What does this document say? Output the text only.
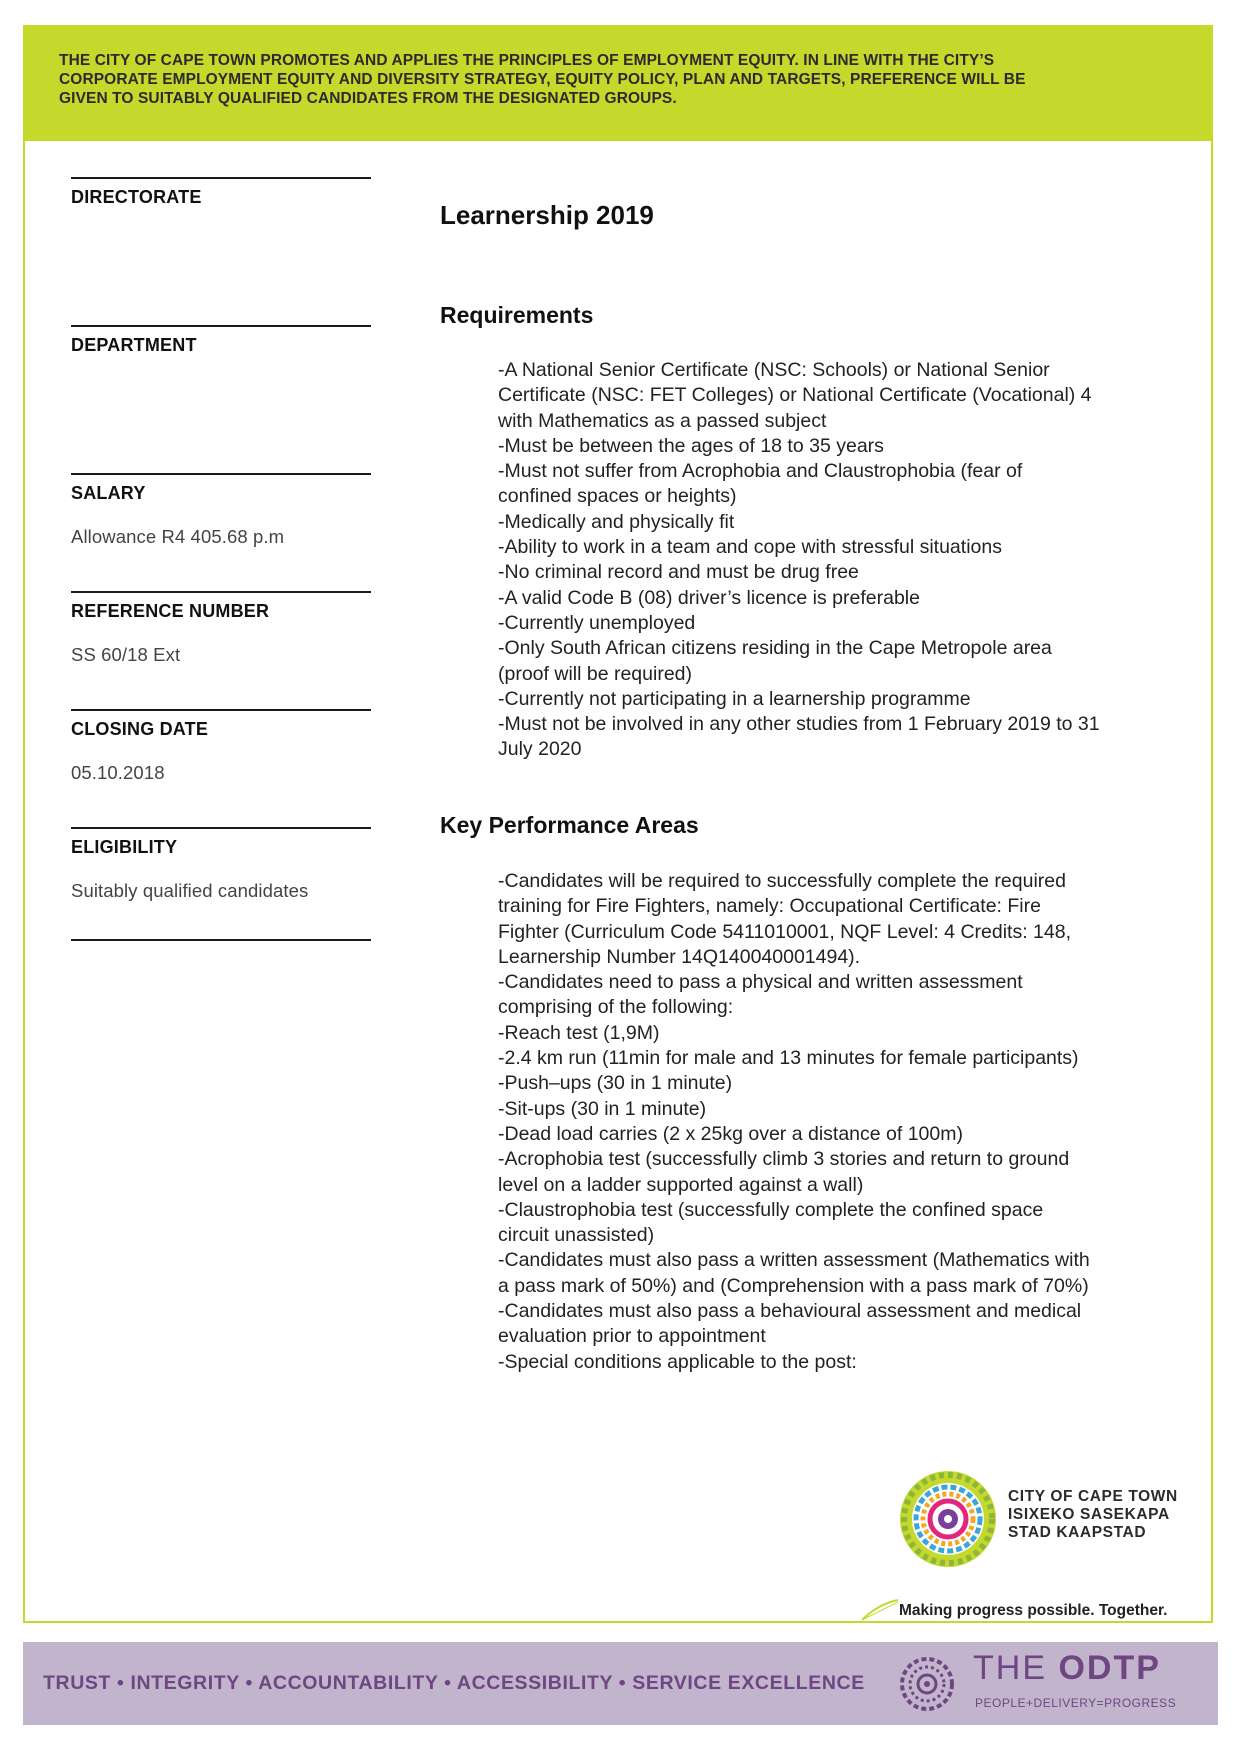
THE CITY OF CAPE TOWN PROMOTES AND APPLIES THE PRINCIPLES OF EMPLOYMENT EQUITY. IN LINE WITH THE CITY’S

CORPORATE EMPLOYMENT EQUITY AND DIVERSITY STRATEGY, EQUITY POLICY, PLAN AND TARGETS, PREFERENCE WILL BE

GIVEN TO SUITABLY QUALIFIED CANDIDATES FROM THE DESIGNATED GROUPS.

DIRECTORATE
DEPARTMENT
SALARY
Allowance R4 405.68 p.m
REFERENCE NUMBER
SS 60/18 Ext
CLOSING DATE
05.10.2018
ELIGIBILITY
Suitably qualified candidates
Learnership 2019
Requirements
-A National Senior Certificate (NSC: Schools) or National Senior
Certificate (NSC: FET Colleges) or National Certificate (Vocational) 4
with Mathematics as a passed subject
-Must be between the ages of 18 to 35 years
-Must not suffer from Acrophobia and Claustrophobia (fear of
confined spaces or heights)
-Medically and physically fit
-Ability to work in a team and cope with stressful situations
-No criminal record and must be drug free
-A valid Code B (08) driver’s licence is preferable
-Currently unemployed
-Only South African citizens residing in the Cape Metropole area
(proof will be required)
-Currently not participating in a learnership programme
-Must not be involved in any other studies from 1 February 2019 to 31
July 2020
Key Performance Areas
-Candidates will be required to successfully complete the required
training for Fire Fighters, namely: Occupational Certificate: Fire
Fighter (Curriculum Code 5411010001, NQF Level: 4 Credits: 148,
Learnership Number 14Q140040001494).
-Candidates need to pass a physical and written assessment
comprising of the following:
-Reach test (1,9M)
-2.4 km run (11min for male and 13 minutes for female participants)
-Push–ups (30 in 1 minute)
-Sit-ups (30 in 1 minute)
-Dead load carries (2 x 25kg over a distance of 100m)
-Acrophobia test (successfully climb 3 stories and return to ground
level on a ladder supported against a wall)
-Claustrophobia test (successfully complete the confined space
circuit unassisted)
-Candidates must also pass a written assessment (Mathematics with
a pass mark of 50%) and (Comprehension with a pass mark of 70%)
-Candidates must also pass a behavioural assessment and medical
evaluation prior to appointment
-Special conditions applicable to the post:
CITY OF CAPE TOWN
ISIXEKO SASEKAPA
STAD KAAPSTAD
Making progress possible. Together.
TRUST • INTEGRITY • ACCOUNTABILITY • ACCESSIBILITY • SERVICE EXCELLENCE	THE ODTP
PEOPLE+DELIVERY=PROGRESS
